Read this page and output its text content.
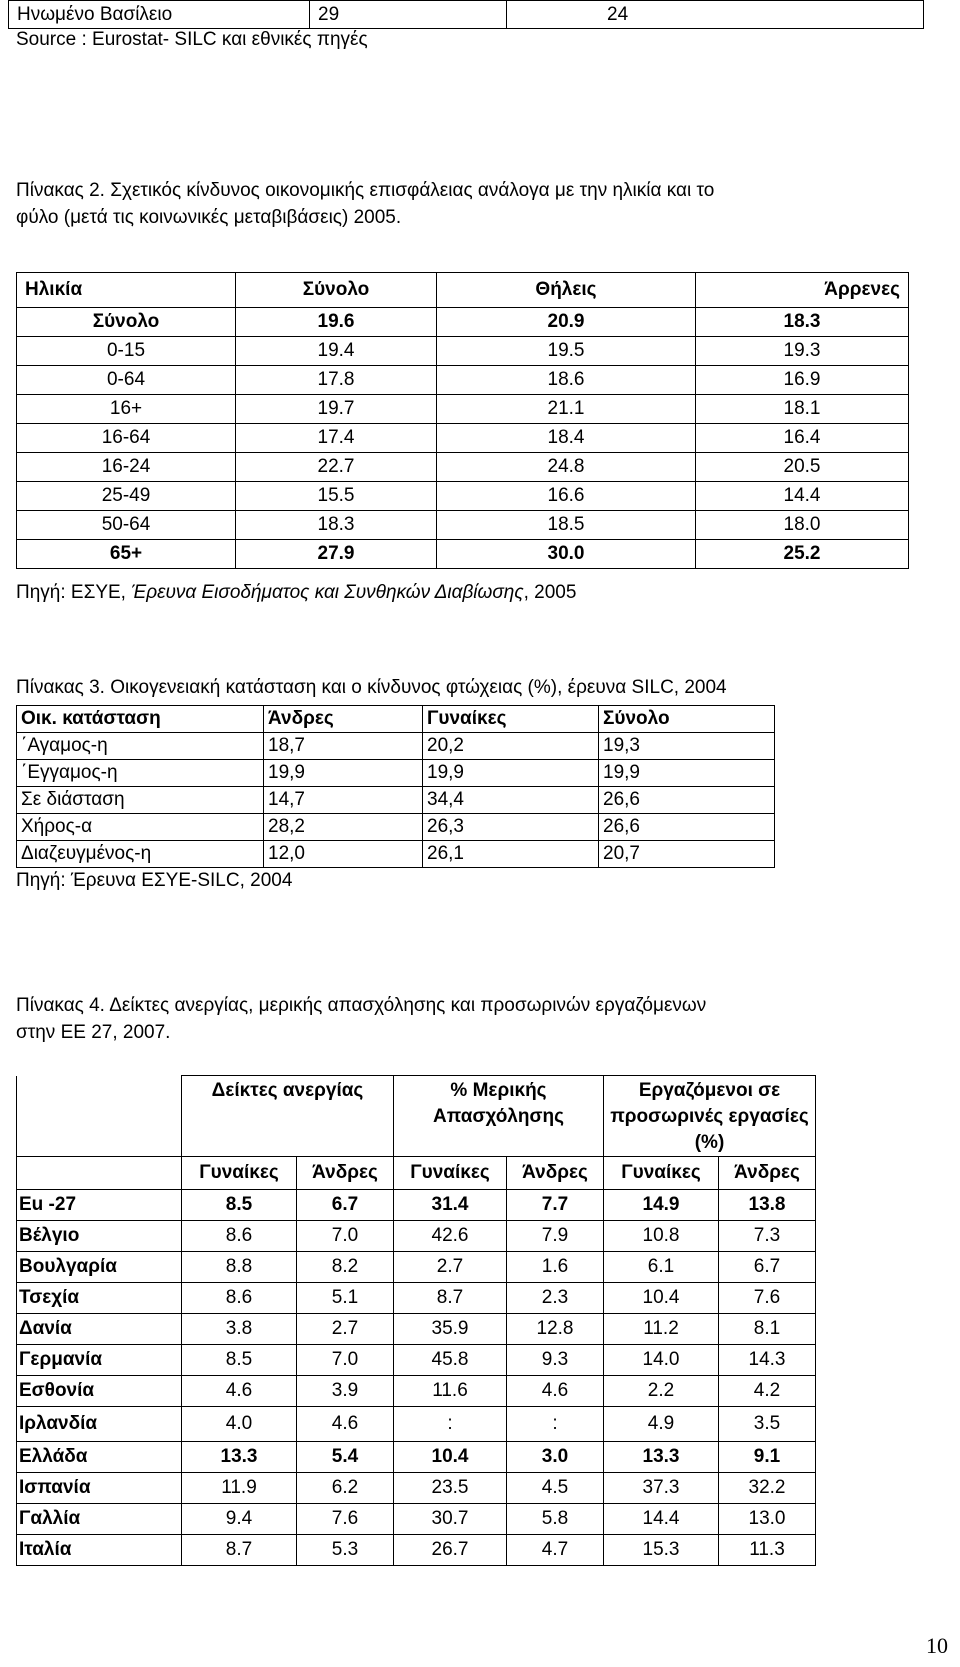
Ηνωμένο Βασίλειο	29	24
Source : Eurostat- SILC και εθνικές πηγές
Πίνακας 2. Σχετικός κίνδυνος οικονομικής επισφάλειας ανάλογα με την ηλικία και το
φύλο (μετά τις κοινωνικές μεταβιβάσεις) 2005.
Ηλικία	Σύνολο	Θήλεις	Άρρενες
Σύνολο	19.6	20.9	18.3
0-15	19.4	19.5	19.3
0-64	17.8	18.6	16.9
16+	19.7	21.1	18.1
16-64	17.4	18.4	16.4
16-24	22.7	24.8	20.5
25-49	15.5	16.6	14.4
50-64	18.3	18.5	18.0
65+	27.9	30.0	25.2
Πηγή: ΕΣΥΕ, Έρευνα Εισοδήματος και Συνθηκών Διαβίωσης, 2005
Πίνακας 3. Οικογενειακή κατάσταση και ο κίνδυνος φτώχειας (%), έρευνα SILC, 2004
Οικ. κατάσταση	Άνδρες	Γυναίκες	Σύνολο
΄Αγαμος-η	18,7	20,2	19,3
΄Εγγαμος-η	19,9	19,9	19,9
Σε διάσταση	14,7	34,4	26,6
Χήρος-α	28,2	26,3	26,6
Διαζευγμένος-η	12,0	26,1	20,7
Πηγή: Έρευνα ΕΣΥΕ-SILC, 2004
Πίνακας 4. Δείκτες ανεργίας, μερικής απασχόλησης και προσωρινών εργαζόμενων
στην ΕΕ 27, 2007.
	Δείκτες ανεργίας		% Μερικής Απασχόλησης		Εργαζόμενοι σε προσωρινές εργασίες (%)	
	Γυναίκες	Άνδρες	Γυναίκες	Άνδρες	Γυναίκες	Άνδρες
Eu -27	8.5	6.7	31.4	7.7	14.9	13.8
Βέλγιο	8.6	7.0	42.6	7.9	10.8	7.3
Βουλγαρία	8.8	8.2	2.7	1.6	6.1	6.7
Τσεχία	8.6	5.1	8.7	2.3	10.4	7.6
Δανία	3.8	2.7	35.9	12.8	11.2	8.1
Γερμανία	8.5	7.0	45.8	9.3	14.0	14.3
Εσθονία	4.6	3.9	11.6	4.6	2.2	4.2
Ιρλανδία	4.0	4.6	:	:	4.9	3.5
Ελλάδα	13.3	5.4	10.4	3.0	13.3	9.1
Ισπανία	11.9	6.2	23.5	4.5	37.3	32.2
Γαλλία	9.4	7.6	30.7	5.8	14.4	13.0
Ιταλία	8.7	5.3	26.7	4.7	15.3	11.3
10
